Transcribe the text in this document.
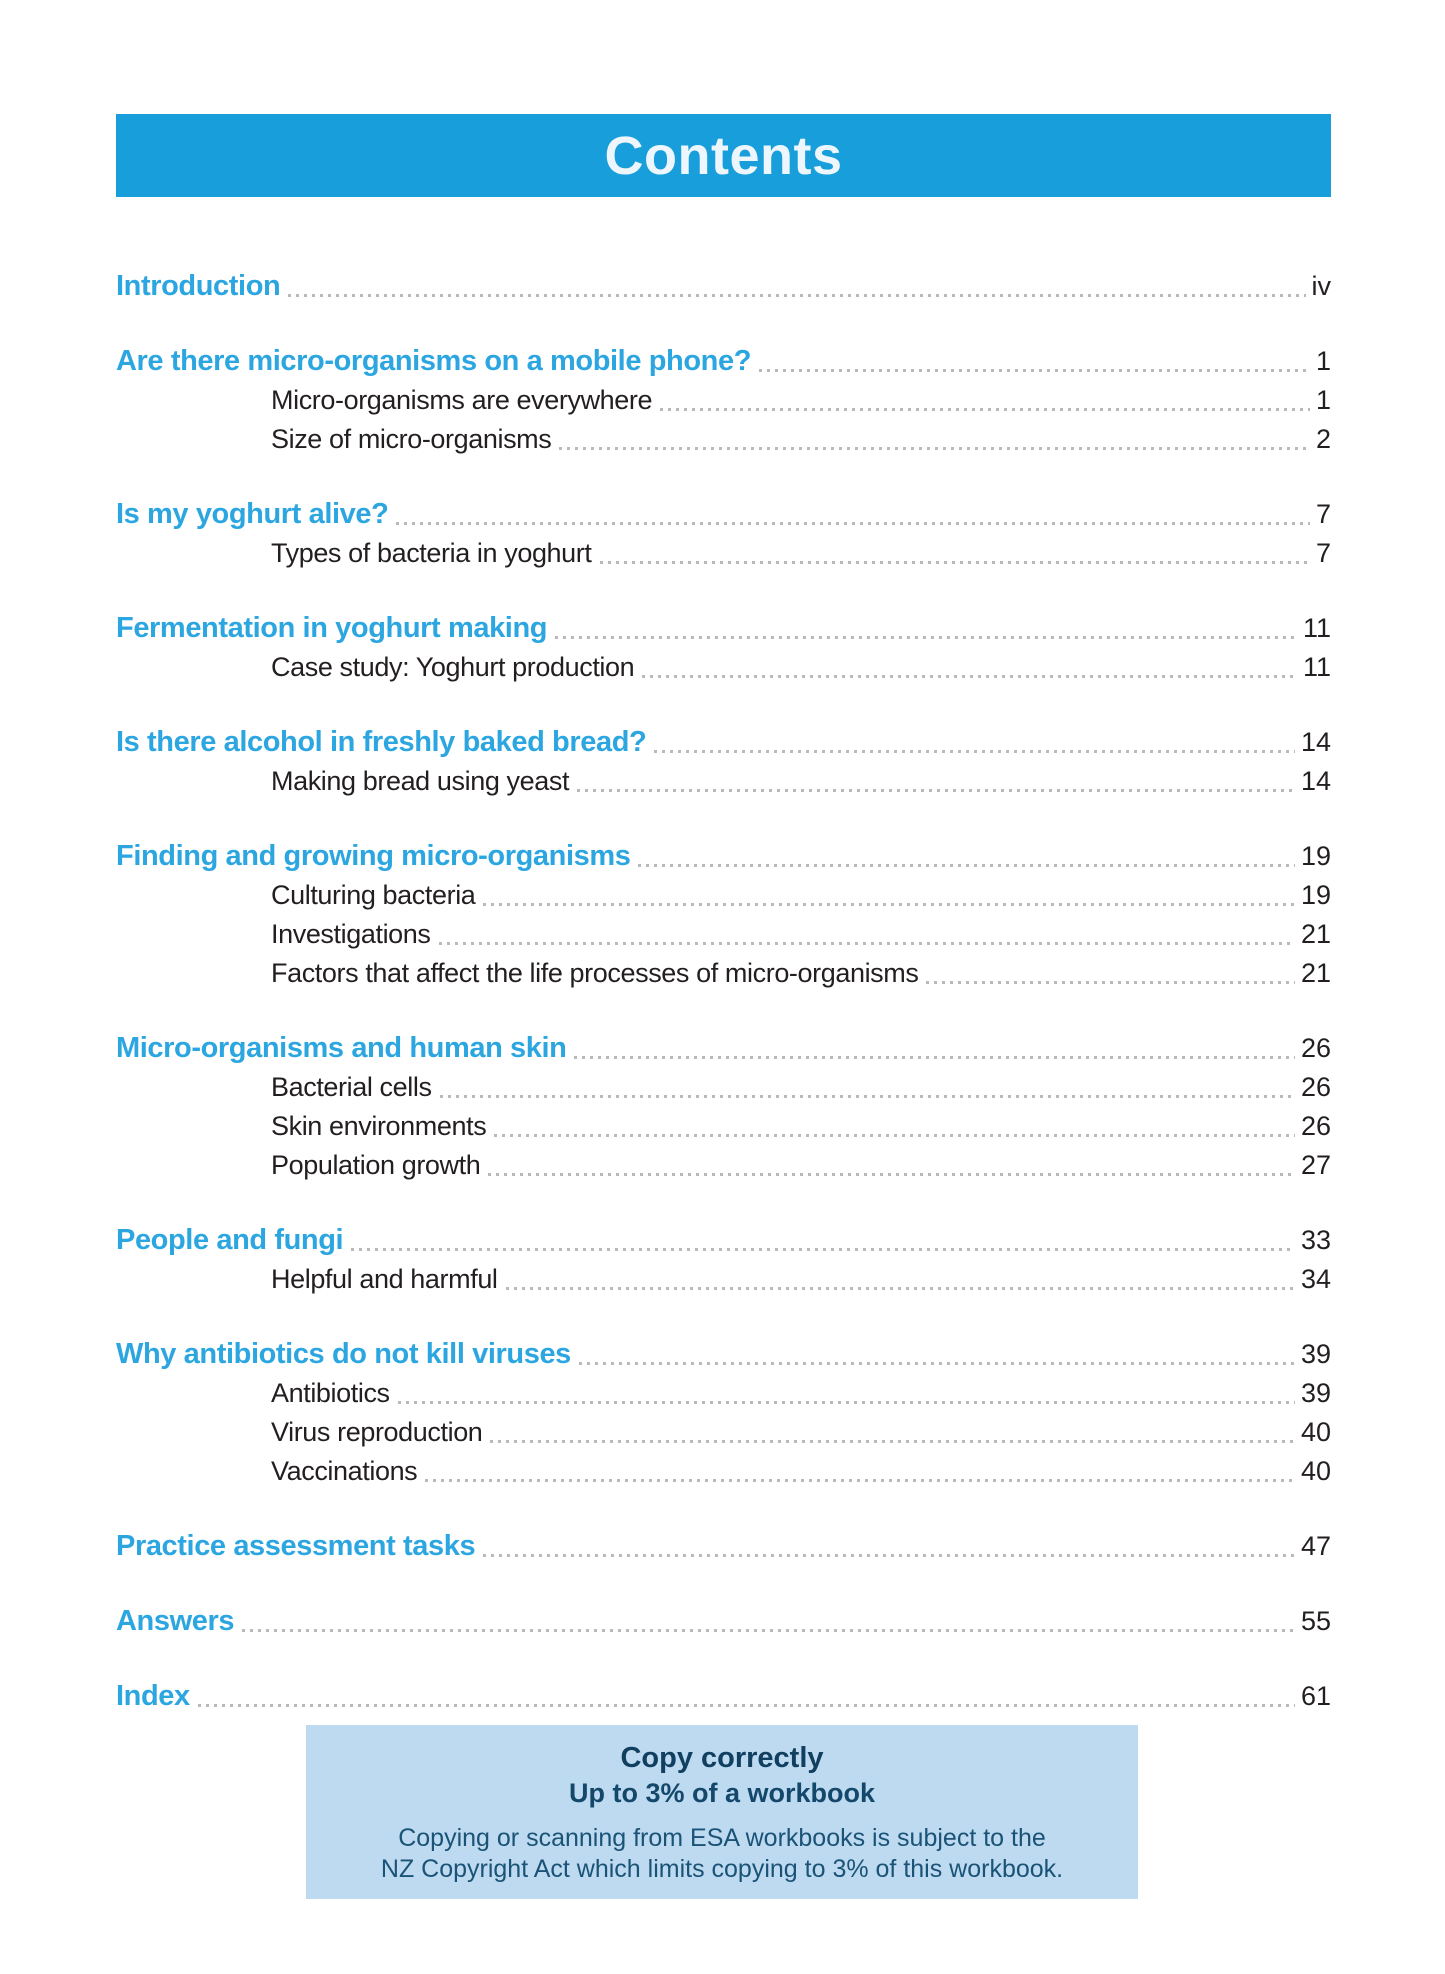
Contents
Introduction	iv
Are there micro-organisms on a mobile phone?	1
Micro-organisms are everywhere	1
Size of micro-organisms	2
Is my yoghurt alive?	7
Types of bacteria in yoghurt	7
Fermentation in yoghurt making	11
Case study: Yoghurt production	11
Is there alcohol in freshly baked bread?	14
Making bread using yeast	14
Finding and growing micro-organisms	19
Culturing bacteria	19
Investigations	21
Factors that affect the life processes of micro-organisms	21
Micro-organisms and human skin	26
Bacterial cells	26
Skin environments	26
Population growth	27
People and fungi	33
Helpful and harmful	34
Why antibiotics do not kill viruses	39
Antibiotics	39
Virus reproduction	40
Vaccinations	40
Practice assessment tasks	47
Answers	55
Index	61
Copy correctly
Up to 3% of a workbook

Copying or scanning from ESA workbooks is subject to the
NZ Copyright Act which limits copying to 3% of this workbook.
